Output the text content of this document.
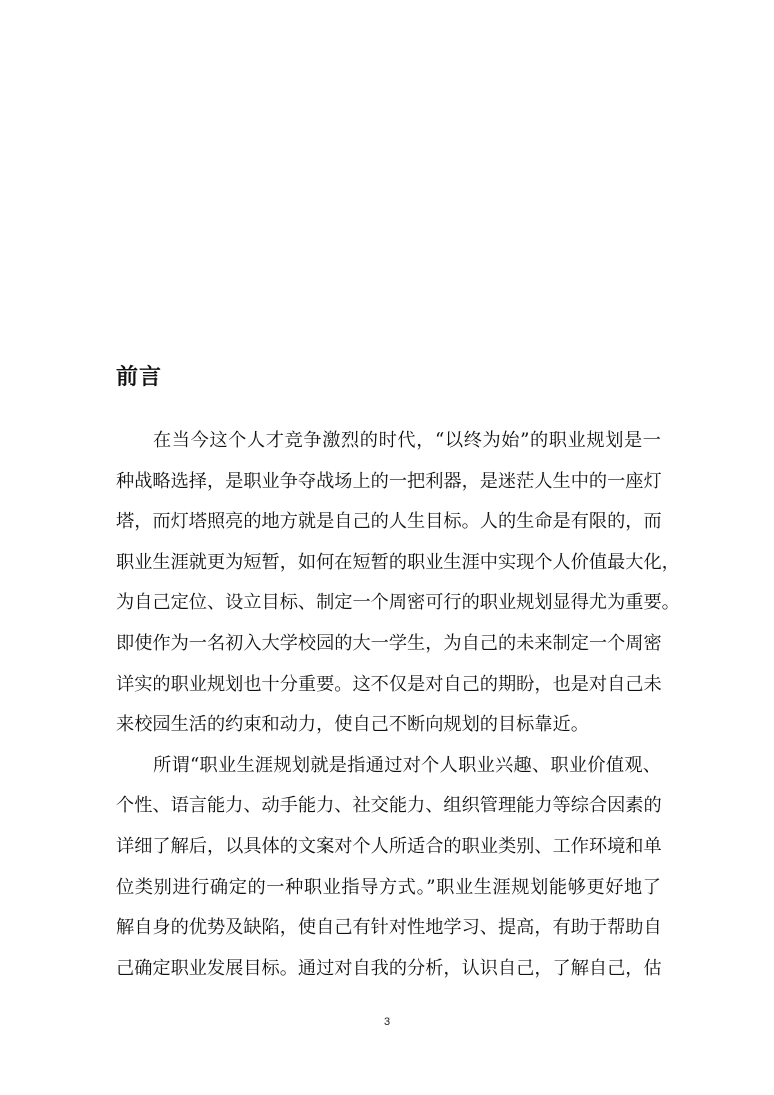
前言
在当今这个人才竞争激烈的时代，“以终为始”的职业规划是一
种战略选择，是职业争夺战场上的一把利器，是迷茫人生中的一座灯
塔，而灯塔照亮的地方就是自己的人生目标。人的生命是有限的，而
职业生涯就更为短暂，如何在短暂的职业生涯中实现个人价值最大化，
为自己定位、设立目标、制定一个周密可行的职业规划显得尤为重要。
即使作为一名初入大学校园的大一学生，为自己的未来制定一个周密
详实的职业规划也十分重要。这不仅是对自己的期盼，也是对自己未
来校园生活的约束和动力，使自己不断向规划的目标靠近。
所谓“职业生涯规划就是指通过对个人职业兴趣、职业价值观、
个性、语言能力、动手能力、社交能力、组织管理能力等综合因素的
详细了解后，以具体的文案对个人所适合的职业类别、工作环境和单
位类别进行确定的一种职业指导方式。”职业生涯规划能够更好地了
解自身的优势及缺陷，使自己有针对性地学习、提高，有助于帮助自
己确定职业发展目标。通过对自我的分析，认识自己，了解自己，估
3
